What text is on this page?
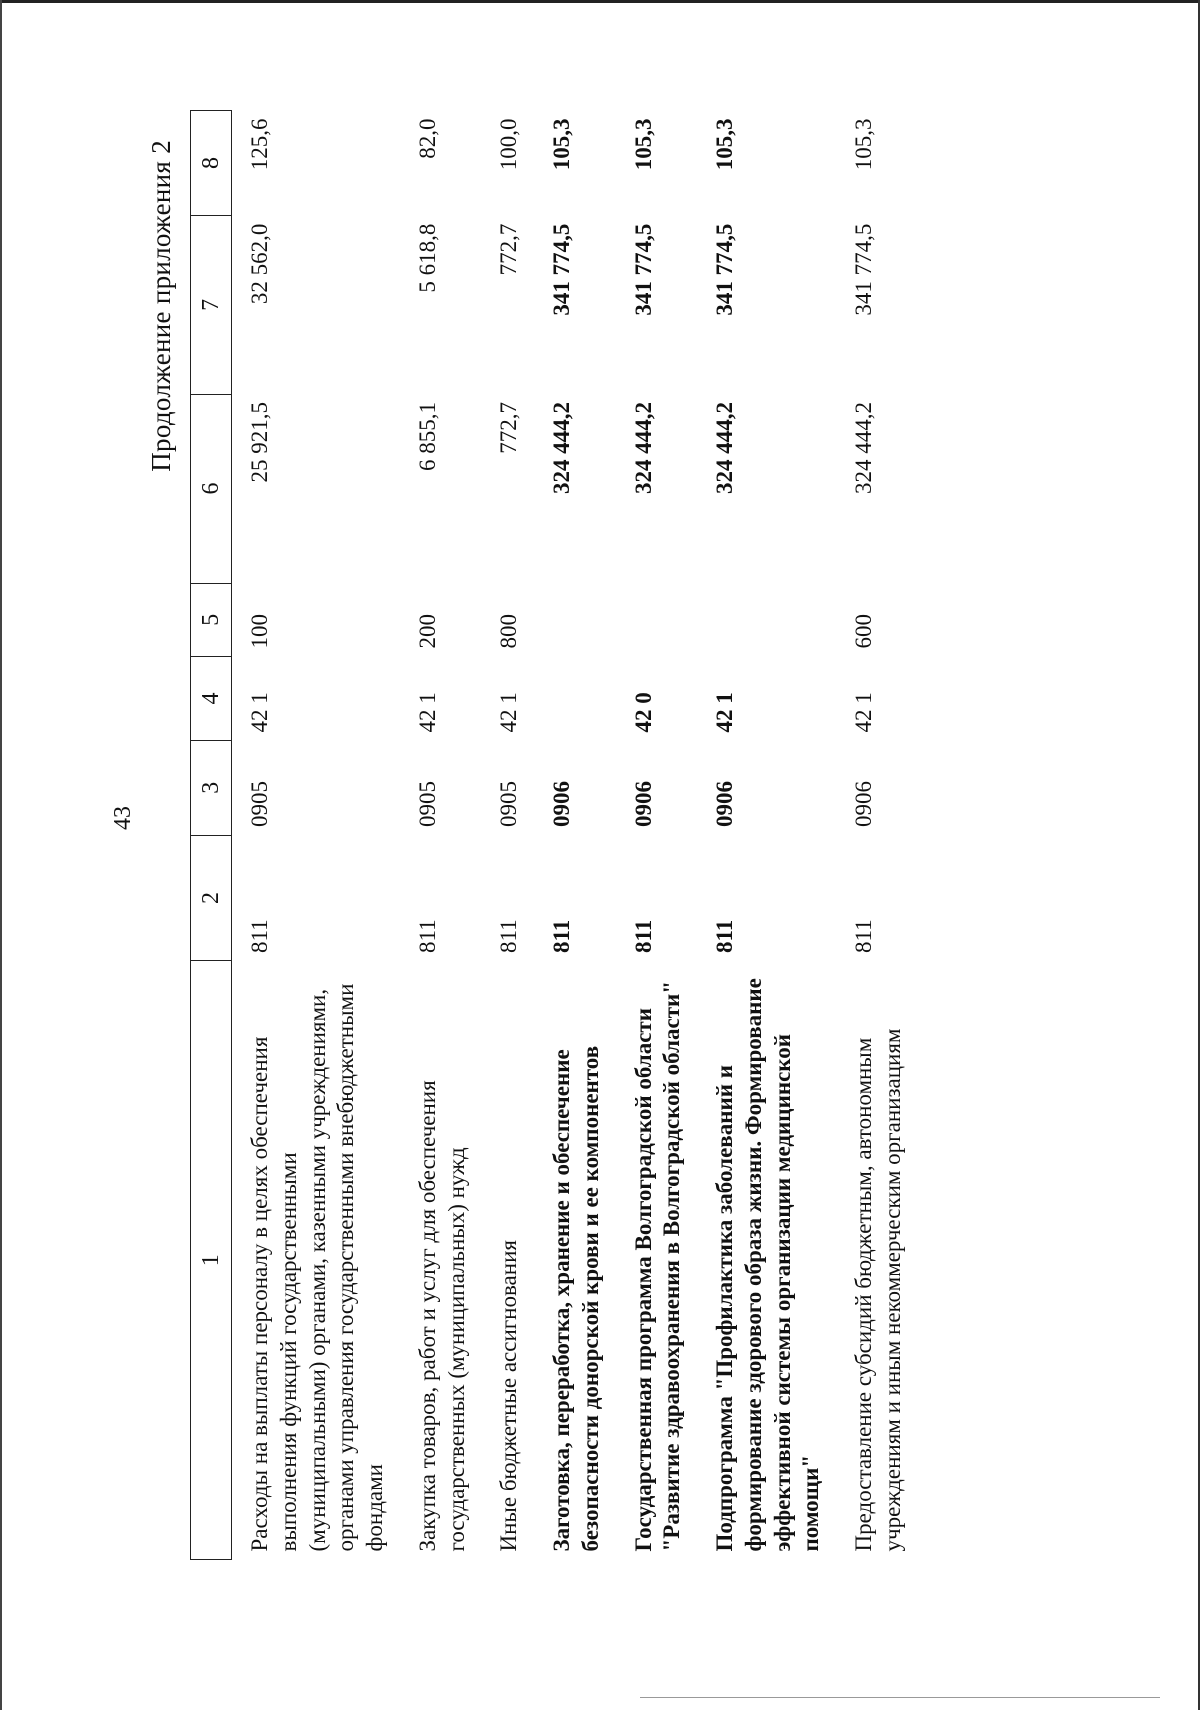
43
Продолжение приложения 2
1	2	3	4	5	6	7	8
Расходы на выплаты персоналу в целях обеспечения выполнения функций государственными (муниципальными) органами, казенными учреждениями, органами управления государственными внебюджетными фондами	811	0905	42 1	100	25 921,5	32 562,0	125,6
Закупка товаров, работ и услуг для обеспечения государственных (муниципальных) нужд	811	0905	42 1	200	6 855,1	5 618,8	82,0
Иные бюджетные ассигнования	811	0905	42 1	800	772,7	772,7	100,0
Заготовка, переработка, хранение и обеспечение безопасности донорской крови и ее компонентов	811	0906			324 444,2	341 774,5	105,3
Государственная программа Волгоградской области "Развитие здравоохранения в Волгоградской области"	811	0906	42 0		324 444,2	341 774,5	105,3
Подпрограмма "Профилактика заболеваний и формирование здорового образа жизни. Формирование эффективной системы организации медицинской помощи"	811	0906	42 1		324 444,2	341 774,5	105,3
Предоставление субсидий бюджетным, автономным учреждениям и иным некоммерческим организациям	811	0906	42 1	600	324 444,2	341 774,5	105,3
